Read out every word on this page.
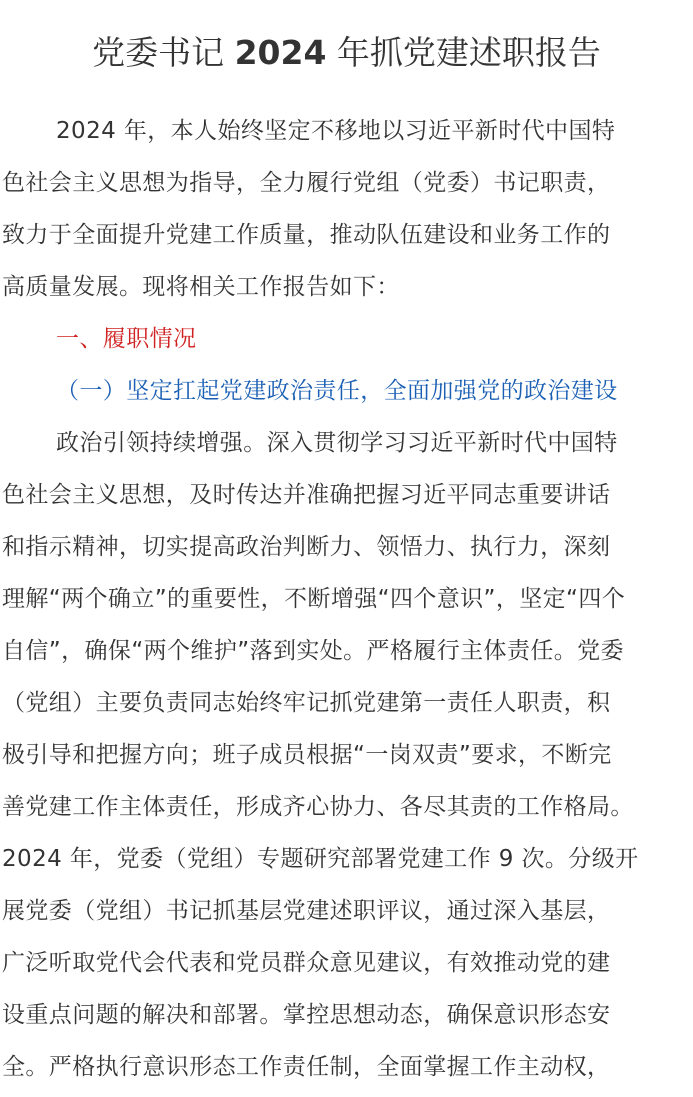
党委书记 2024 年抓党建述职报告
2024 年，本人始终坚定不移地以习近平新时代中国特
色社会主义思想为指导，全力履行党组（党委）书记职责，
致力于全面提升党建工作质量，推动队伍建设和业务工作的
高质量发展。现将相关工作报告如下：
一、履职情况
（一）坚定扛起党建政治责任，全面加强党的政治建设
政治引领持续增强。深入贯彻学习习近平新时代中国特
色社会主义思想，及时传达并准确把握习近平同志重要讲话
和指示精神，切实提高政治判断力、领悟力、执行力，深刻
理解“两个确立”的重要性，不断增强“四个意识”，坚定“四个
自信”，确保“两个维护”落到实处。严格履行主体责任。党委
（党组）主要负责同志始终牢记抓党建第一责任人职责，积
极引导和把握方向；班子成员根据“一岗双责”要求，不断完
善党建工作主体责任，形成齐心协力、各尽其责的工作格局。
2024 年，党委（党组）专题研究部署党建工作 9 次。分级开
展党委（党组）书记抓基层党建述职评议，通过深入基层，
广泛听取党代会代表和党员群众意见建议，有效推动党的建
设重点问题的解决和部署。掌控思想动态，确保意识形态安
全。严格执行意识形态工作责任制，全面掌握工作主动权，
